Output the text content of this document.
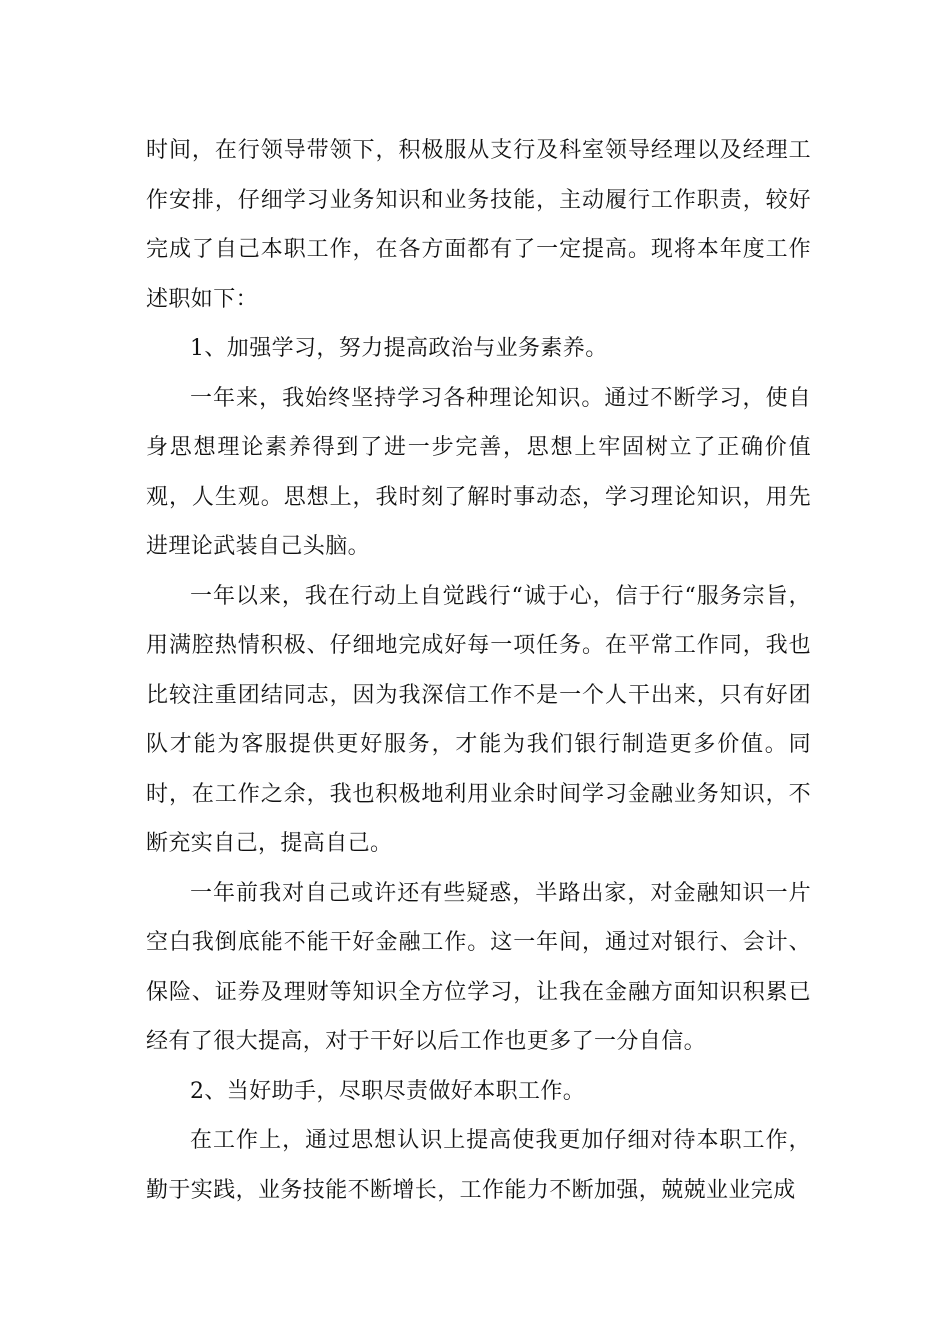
时间，在行领导带领下，积极服从支行及科室领导经理以及经理工作安排，仔细学习业务知识和业务技能，主动履行工作职责，较好完成了自己本职工作，在各方面都有了一定提高。现将本年度工作述职如下：

1、加强学习，努力提高政治与业务素养。

一年来，我始终坚持学习各种理论知识。通过不断学习，使自身思想理论素养得到了进一步完善，思想上牢固树立了正确价值观，人生观。思想上，我时刻了解时事动态，学习理论知识，用先进理论武装自己头脑。

一年以来，我在行动上自觉践行“诚于心，信于行“服务宗旨，用满腔热情积极、仔细地完成好每一项任务。在平常工作同，我也比较注重团结同志，因为我深信工作不是一个人干出来，只有好团队才能为客服提供更好服务，才能为我们银行制造更多价值。同时，在工作之余，我也积极地利用业余时间学习金融业务知识，不断充实自己，提高自己。

一年前我对自己或许还有些疑惑，半路出家，对金融知识一片空白我倒底能不能干好金融工作。这一年间，通过对银行、会计、保险、证券及理财等知识全方位学习，让我在金融方面知识积累已经有了很大提高，对于干好以后工作也更多了一分自信。

2、当好助手，尽职尽责做好本职工作。

在工作上，通过思想认识上提高使我更加仔细对待本职工作，勤于实践，业务技能不断增长，工作能力不断加强，兢兢业业完成
